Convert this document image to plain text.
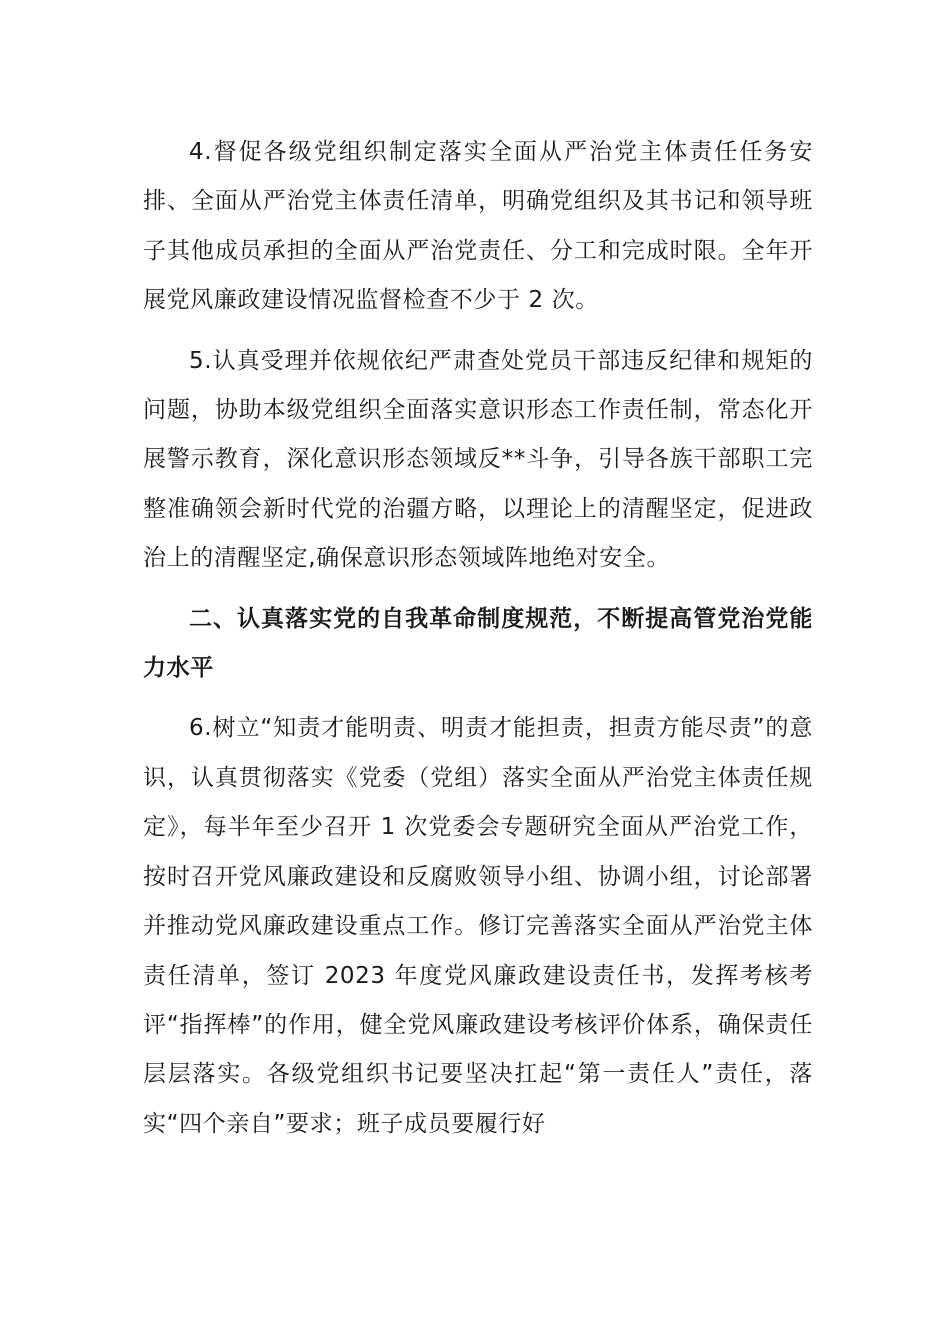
4.督促各级党组织制定落实全面从严治党主体责任任务安排、全面从严治党主体责任清单，明确党组织及其书记和领导班子其他成员承担的全面从严治党责任、分工和完成时限。全年开展党风廉政建设情况监督检查不少于 2 次。

5.认真受理并依规依纪严肃查处党员干部违反纪律和规矩的问题，协助本级党组织全面落实意识形态工作责任制，常态化开展警示教育，深化意识形态领域反**斗争，引导各族干部职工完整准确领会新时代党的治疆方略，以理论上的清醒坚定，促进政治上的清醒坚定,确保意识形态领域阵地绝对安全。

二、认真落实党的自我革命制度规范，不断提高管党治党能力水平

6.树立“知责才能明责、明责才能担责，担责方能尽责”的意识，认真贯彻落实《党委（党组）落实全面从严治党主体责任规定》，每半年至少召开 1 次党委会专题研究全面从严治党工作，按时召开党风廉政建设和反腐败领导小组、协调小组，讨论部署并推动党风廉政建设重点工作。修订完善落实全面从严治党主体责任清单，签订 2023 年度党风廉政建设责任书，发挥考核考评“指挥棒”的作用，健全党风廉政建设考核评价体系，确保责任层层落实。各级党组织书记要坚决扛起“第一责任人”责任，落实“四个亲自”要求；班子成员要履行好
